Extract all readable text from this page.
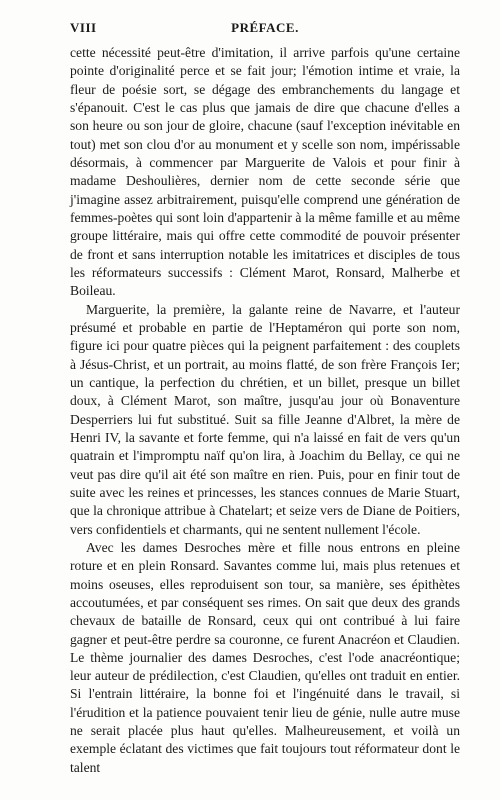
VIII	PRÉFACE.

cette nécessité peut-être d'imitation, il arrive parfois qu'une certaine pointe d'originalité perce et se fait jour; l'émotion intime et vraie, la fleur de poésie sort, se dégage des embranchements du langage et s'épanouit. C'est le cas plus que jamais de dire que chacune d'elles a son heure ou son jour de gloire, chacune (sauf l'exception inévitable en tout) met son clou d'or au monument et y scelle son nom, impérissable désormais, à commencer par Marguerite de Valois et pour finir à madame Deshoulières, dernier nom de cette seconde série que j'imagine assez arbitrairement, puisqu'elle comprend une génération de femmes-poètes qui sont loin d'appartenir à la même famille et au même groupe littéraire, mais qui offre cette commodité de pouvoir présenter de front et sans interruption notable les imitatrices et disciples de tous les réformateurs successifs : Clément Marot, Ronsard, Malherbe et Boileau.

Marguerite, la première, la galante reine de Navarre, et l'auteur présumé et probable en partie de l'Heptaméron qui porte son nom, figure ici pour quatre pièces qui la peignent parfaitement : des couplets à Jésus-Christ, et un portrait, au moins flatté, de son frère François Ier; un cantique, la perfection du chrétien, et un billet, presque un billet doux, à Clément Marot, son maître, jusqu'au jour où Bonaventure Desperriers lui fut substitué. Suit sa fille Jeanne d'Albret, la mère de Henri IV, la savante et forte femme, qui n'a laissé en fait de vers qu'un quatrain et l'impromptu naïf qu'on lira, à Joachim du Bellay, ce qui ne veut pas dire qu'il ait été son maître en rien. Puis, pour en finir tout de suite avec les reines et princesses, les stances connues de Marie Stuart, que la chronique attribue à Chatelart; et seize vers de Diane de Poitiers, vers confidentiels et charmants, qui ne sentent nullement l'école.

Avec les dames Desroches mère et fille nous entrons en pleine roture et en plein Ronsard. Savantes comme lui, mais plus retenues et moins oseuses, elles reproduisent son tour, sa manière, ses épithètes accoutumées, et par conséquent ses rimes. On sait que deux des grands chevaux de bataille de Ronsard, ceux qui ont contribué à lui faire gagner et peut-être perdre sa couronne, ce furent Anacréon et Claudien. Le thème journalier des dames Desroches, c'est l'ode anacréontique; leur auteur de prédilection, c'est Claudien, qu'elles ont traduit en entier. Si l'entrain littéraire, la bonne foi et l'ingénuité dans le travail, si l'érudition et la patience pouvaient tenir lieu de génie, nulle autre muse ne serait placée plus haut qu'elles. Malheureusement, et voilà un exemple éclatant des victimes que fait toujours tout réformateur dont le talent
